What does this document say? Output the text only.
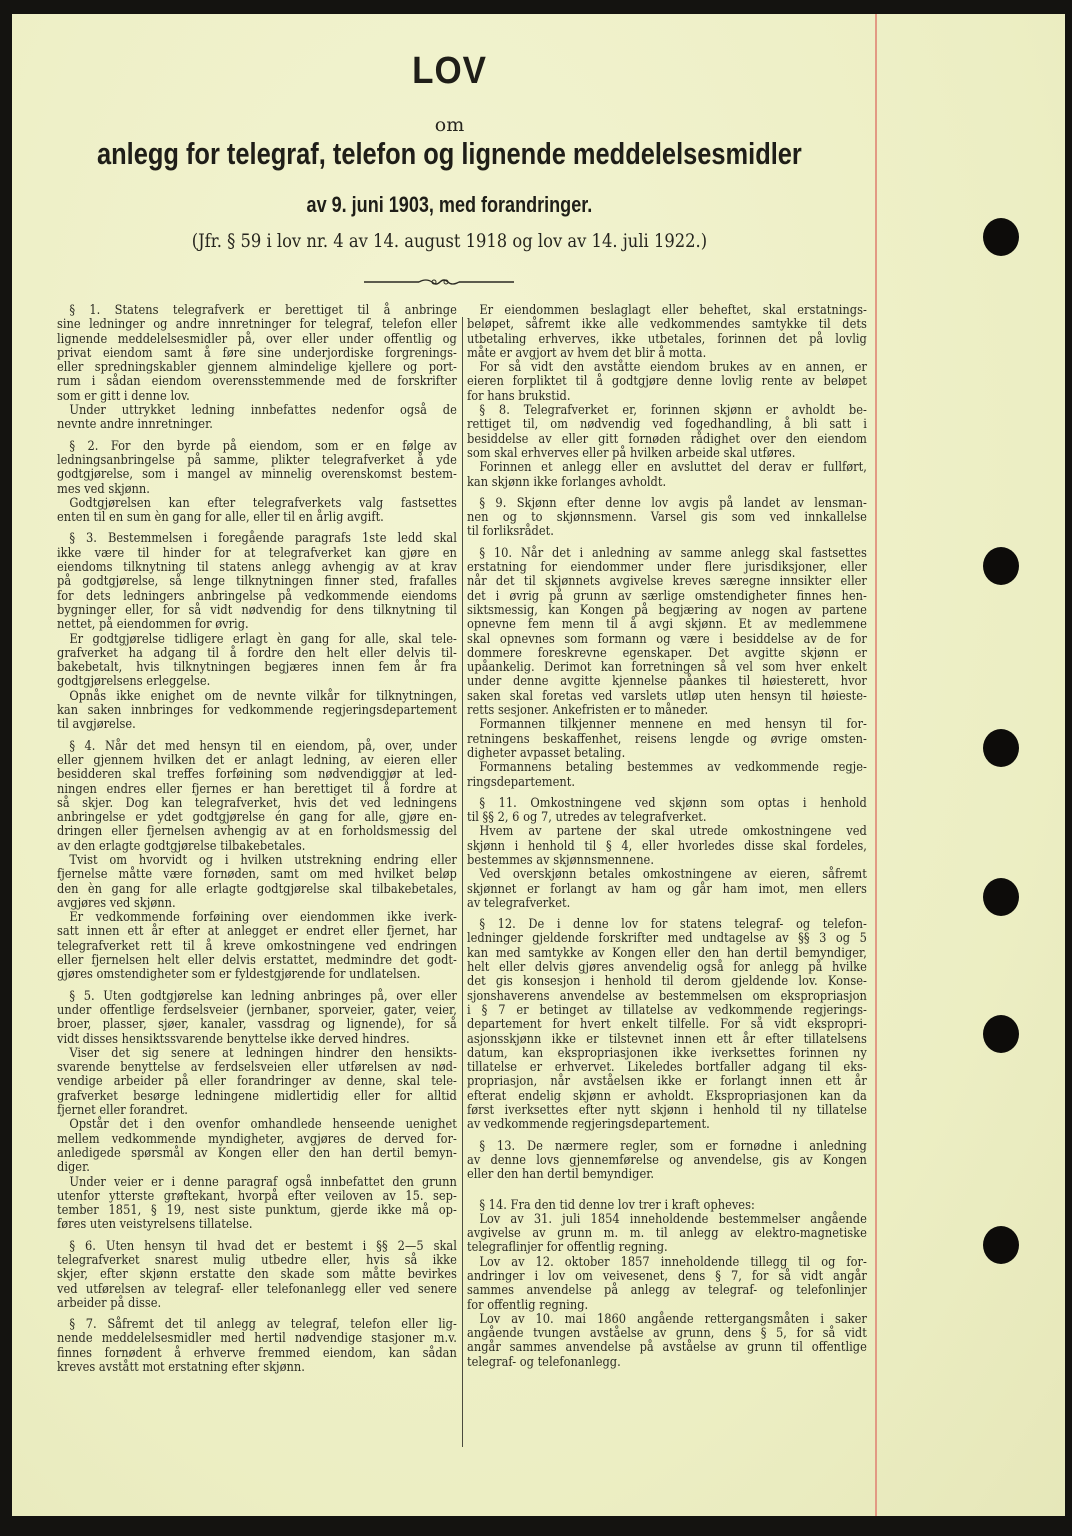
LOV
om
anlegg for telegraf, telefon og lignende meddelelsesmidler
av 9. juni 1903, med forandringer.
(Jfr. § 59 i lov nr. 4 av 14. august 1918 og lov av 14. juli 1922.)
§ 1. Statens telegrafverk er berettiget til å anbringe
sine ledninger og andre innretninger for telegraf, telefon eller
lignende meddelelsesmidler på, over eller under offentlig og
privat eiendom samt å føre sine underjordiske forgrenings-
eller spredningskabler gjennem almindelige kjellere og port-
rum i sådan eiendom overensstemmende med de forskrifter
som er gitt i denne lov.
Under uttrykket ledning innbefattes nedenfor også de
nevnte andre innretninger.
§ 2. For den byrde på eiendom, som er en følge av
ledningsanbringelse på samme, plikter telegrafverket å yde
godtgjørelse, som i mangel av minnelig overenskomst bestem-
mes ved skjønn.
Godtgjørelsen kan efter telegrafverkets valg fastsettes
enten til en sum èn gang for alle, eller til en årlig avgift.
§ 3. Bestemmelsen i foregående paragrafs 1ste ledd skal
ikke være til hinder for at telegrafverket kan gjøre en
eiendoms tilknytning til statens anlegg avhengig av at krav
på godtgjørelse, så lenge tilknytningen finner sted, frafalles
for dets ledningers anbringelse på vedkommende eiendoms
bygninger eller, for så vidt nødvendig for dens tilknytning til
nettet, på eiendommen for øvrig.
Er godtgjørelse tidligere erlagt èn gang for alle, skal tele-
grafverket ha adgang til å fordre den helt eller delvis til-
bakebetalt, hvis tilknytningen begjæres innen fem år fra
godtgjørelsens erleggelse.
Opnås ikke enighet om de nevnte vilkår for tilknytningen,
kan saken innbringes for vedkommende regjeringsdepartement
til avgjørelse.
§ 4. Når det med hensyn til en eiendom, på, over, under
eller gjennem hvilken det er anlagt ledning, av eieren eller
besidderen skal treffes forføining som nødvendiggjør at led-
ningen endres eller fjernes er han berettiget til å fordre at
så skjer. Dog kan telegrafverket, hvis det ved ledningens
anbringelse er ydet godtgjørelse én gang for alle, gjøre en-
dringen eller fjernelsen avhengig av at en forholdsmessig del
av den erlagte godtgjørelse tilbakebetales.
Tvist om hvorvidt og i hvilken utstrekning endring eller
fjernelse måtte være fornøden, samt om med hvilket beløp
den èn gang for alle erlagte godtgjørelse skal tilbakebetales,
avgjøres ved skjønn.
Er vedkommende forføining over eiendommen ikke iverk-
satt innen ett år efter at anlegget er endret eller fjernet, har
telegrafverket rett til å kreve omkostningene ved endringen
eller fjernelsen helt eller delvis erstattet, medmindre det godt-
gjøres omstendigheter som er fyldestgjørende for undlatelsen.
§ 5. Uten godtgjørelse kan ledning anbringes på, over eller
under offentlige ferdselsveier (jernbaner, sporveier, gater, veier,
broer, plasser, sjøer, kanaler, vassdrag og lignende), for så
vidt disses hensiktssvarende benyttelse ikke derved hindres.
Viser det sig senere at ledningen hindrer den hensikts-
svarende benyttelse av ferdselsveien eller utførelsen av nød-
vendige arbeider på eller forandringer av denne, skal tele-
grafverket besørge ledningene midlertidig eller for alltid
fjernet eller forandret.
Opstår det i den ovenfor omhandlede henseende uenighet
mellem vedkommende myndigheter, avgjøres de derved for-
anledigede spørsmål av Kongen eller den han dertil bemyn-
diger.
Under veier er i denne paragraf også innbefattet den grunn
utenfor ytterste grøftekant, hvorpå efter veiloven av 15. sep-
tember 1851, § 19, nest siste punktum, gjerde ikke må op-
føres uten veistyrelsens tillatelse.
§ 6. Uten hensyn til hvad det er bestemt i §§ 2—5 skal
telegrafverket snarest mulig utbedre eller, hvis så ikke
skjer, efter skjønn erstatte den skade som måtte bevirkes
ved utførelsen av telegraf- eller telefonanlegg eller ved senere
arbeider på disse.
§ 7. Såfremt det til anlegg av telegraf, telefon eller lig-
nende meddelelsesmidler med hertil nødvendige stasjoner m.v.
finnes fornødent å erhverve fremmed eiendom, kan sådan
kreves avstått mot erstatning efter skjønn.
Er eiendommen beslaglagt eller beheftet, skal erstatnings-
beløpet, såfremt ikke alle vedkommendes samtykke til dets
utbetaling erhverves, ikke utbetales, forinnen det på lovlig
måte er avgjort av hvem det blir å motta.
For så vidt den avståtte eiendom brukes av en annen, er
eieren forpliktet til å godtgjøre denne lovlig rente av beløpet
for hans brukstid.
§ 8. Telegrafverket er, forinnen skjønn er avholdt be-
rettiget til, om nødvendig ved fogedhandling, å bli satt i
besiddelse av eller gitt fornøden rådighet over den eiendom
som skal erhverves eller på hvilken arbeide skal utføres.
Forinnen et anlegg eller en avsluttet del derav er fullført,
kan skjønn ikke forlanges avholdt.
§ 9. Skjønn efter denne lov avgis på landet av lensman-
nen og to skjønnsmenn. Varsel gis som ved innkallelse
til forliksrådet.
§ 10. Når det i anledning av samme anlegg skal fastsettes
erstatning for eiendommer under flere jurisdiksjoner, eller
når det til skjønnets avgivelse kreves særegne innsikter eller
det i øvrig på grunn av særlige omstendigheter finnes hen-
siktsmessig, kan Kongen på begjæring av nogen av partene
opnevne fem menn til å avgi skjønn. Et av medlemmene
skal opnevnes som formann og være i besiddelse av de for
dommere foreskrevne egenskaper. Det avgitte skjønn er
upåankelig. Derimot kan forretningen så vel som hver enkelt
under denne avgitte kjennelse påankes til høiesterett, hvor
saken skal foretas ved varslets utløp uten hensyn til høieste-
retts sesjoner. Ankefristen er to måneder.
Formannen tilkjenner mennene en med hensyn til for-
retningens beskaffenhet, reisens lengde og øvrige omsten-
digheter avpasset betaling.
Formannens betaling bestemmes av vedkommende regje-
ringsdepartement.
§ 11. Omkostningene ved skjønn som optas i henhold
til §§ 2, 6 og 7, utredes av telegrafverket.
Hvem av partene der skal utrede omkostningene ved
skjønn i henhold til § 4, eller hvorledes disse skal fordeles,
bestemmes av skjønnsmennene.
Ved overskjønn betales omkostningene av eieren, såfremt
skjønnet er forlangt av ham og går ham imot, men ellers
av telegrafverket.
§ 12. De i denne lov for statens telegraf- og telefon-
ledninger gjeldende forskrifter med undtagelse av §§ 3 og 5
kan med samtykke av Kongen eller den han dertil bemyndiger,
helt eller delvis gjøres anvendelig også for anlegg på hvilke
det gis konsesjon i henhold til derom gjeldende lov. Konse-
sjonshaverens anvendelse av bestemmelsen om ekspropriasjon
i § 7 er betinget av tillatelse av vedkommende regjerings-
departement for hvert enkelt tilfelle. For så vidt ekspropri-
asjonsskjønn ikke er tilstevnet innen ett år efter tillatelsens
datum, kan ekspropriasjonen ikke iverksettes forinnen ny
tillatelse er erhvervet. Likeledes bortfaller adgang til eks-
propriasjon, når avståelsen ikke er forlangt innen ett år
efterat endelig skjønn er avholdt. Ekspropriasjonen kan da
først iverksettes efter nytt skjønn i henhold til ny tillatelse
av vedkommende regjeringsdepartement.
§ 13. De nærmere regler, som er fornødne i anledning
av denne lovs gjennemførelse og anvendelse, gis av Kongen
eller den han dertil bemyndiger.
§ 14. Fra den tid denne lov trer i kraft opheves:
Lov av 31. juli 1854 inneholdende bestemmelser angående
avgivelse av grunn m. m. til anlegg av elektro-magnetiske
telegraflinjer for offentlig regning.
Lov av 12. oktober 1857 inneholdende tillegg til og for-
andringer i lov om veivesenet, dens § 7, for så vidt angår
sammes anvendelse på anlegg av telegraf- og telefonlinjer
for offentlig regning.
Lov av 10. mai 1860 angående rettergangsmåten i saker
angående tvungen avståelse av grunn, dens § 5, for så vidt
angår sammes anvendelse på avståelse av grunn til offentlige
telegraf- og telefonanlegg.
